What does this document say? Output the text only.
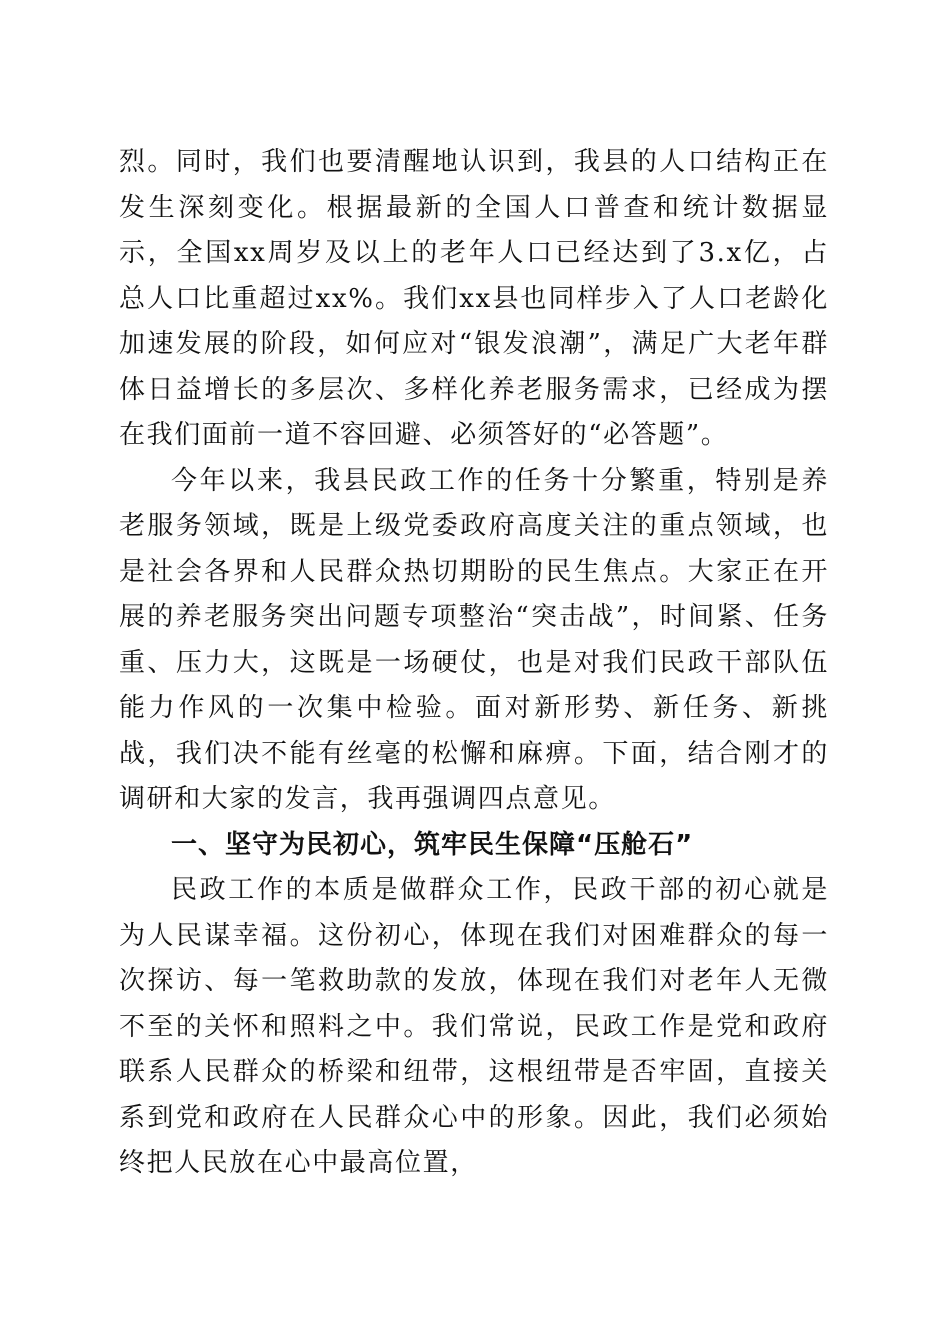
烈。同时，我们也要清醒地认识到，我县的人口结构正在发生深刻变化。根据最新的全国人口普查和统计数据显示，全国xx周岁及以上的老年人口已经达到了3.x亿，占总人口比重超过xx%。我们xx县也同样步入了人口老龄化加速发展的阶段，如何应对“银发浪潮”，满足广大老年群体日益增长的多层次、多样化养老服务需求，已经成为摆在我们面前一道不容回避、必须答好的“必答题”。

今年以来，我县民政工作的任务十分繁重，特别是养老服务领域，既是上级党委政府高度关注的重点领域，也是社会各界和人民群众热切期盼的民生焦点。大家正在开展的养老服务突出问题专项整治“突击战”，时间紧、任务重、压力大，这既是一场硬仗，也是对我们民政干部队伍能力作风的一次集中检验。面对新形势、新任务、新挑战，我们决不能有丝毫的松懈和麻痹。下面，结合刚才的调研和大家的发言，我再强调四点意见。

一、坚守为民初心，筑牢民生保障“压舱石”

民政工作的本质是做群众工作，民政干部的初心就是为人民谋幸福。这份初心，体现在我们对困难群众的每一次探访、每一笔救助款的发放，体现在我们对老年人无微不至的关怀和照料之中。我们常说，民政工作是党和政府联系人民群众的桥梁和纽带，这根纽带是否牢固，直接关系到党和政府在人民群众心中的形象。因此，我们必须始终把人民放在心中最高位置，
